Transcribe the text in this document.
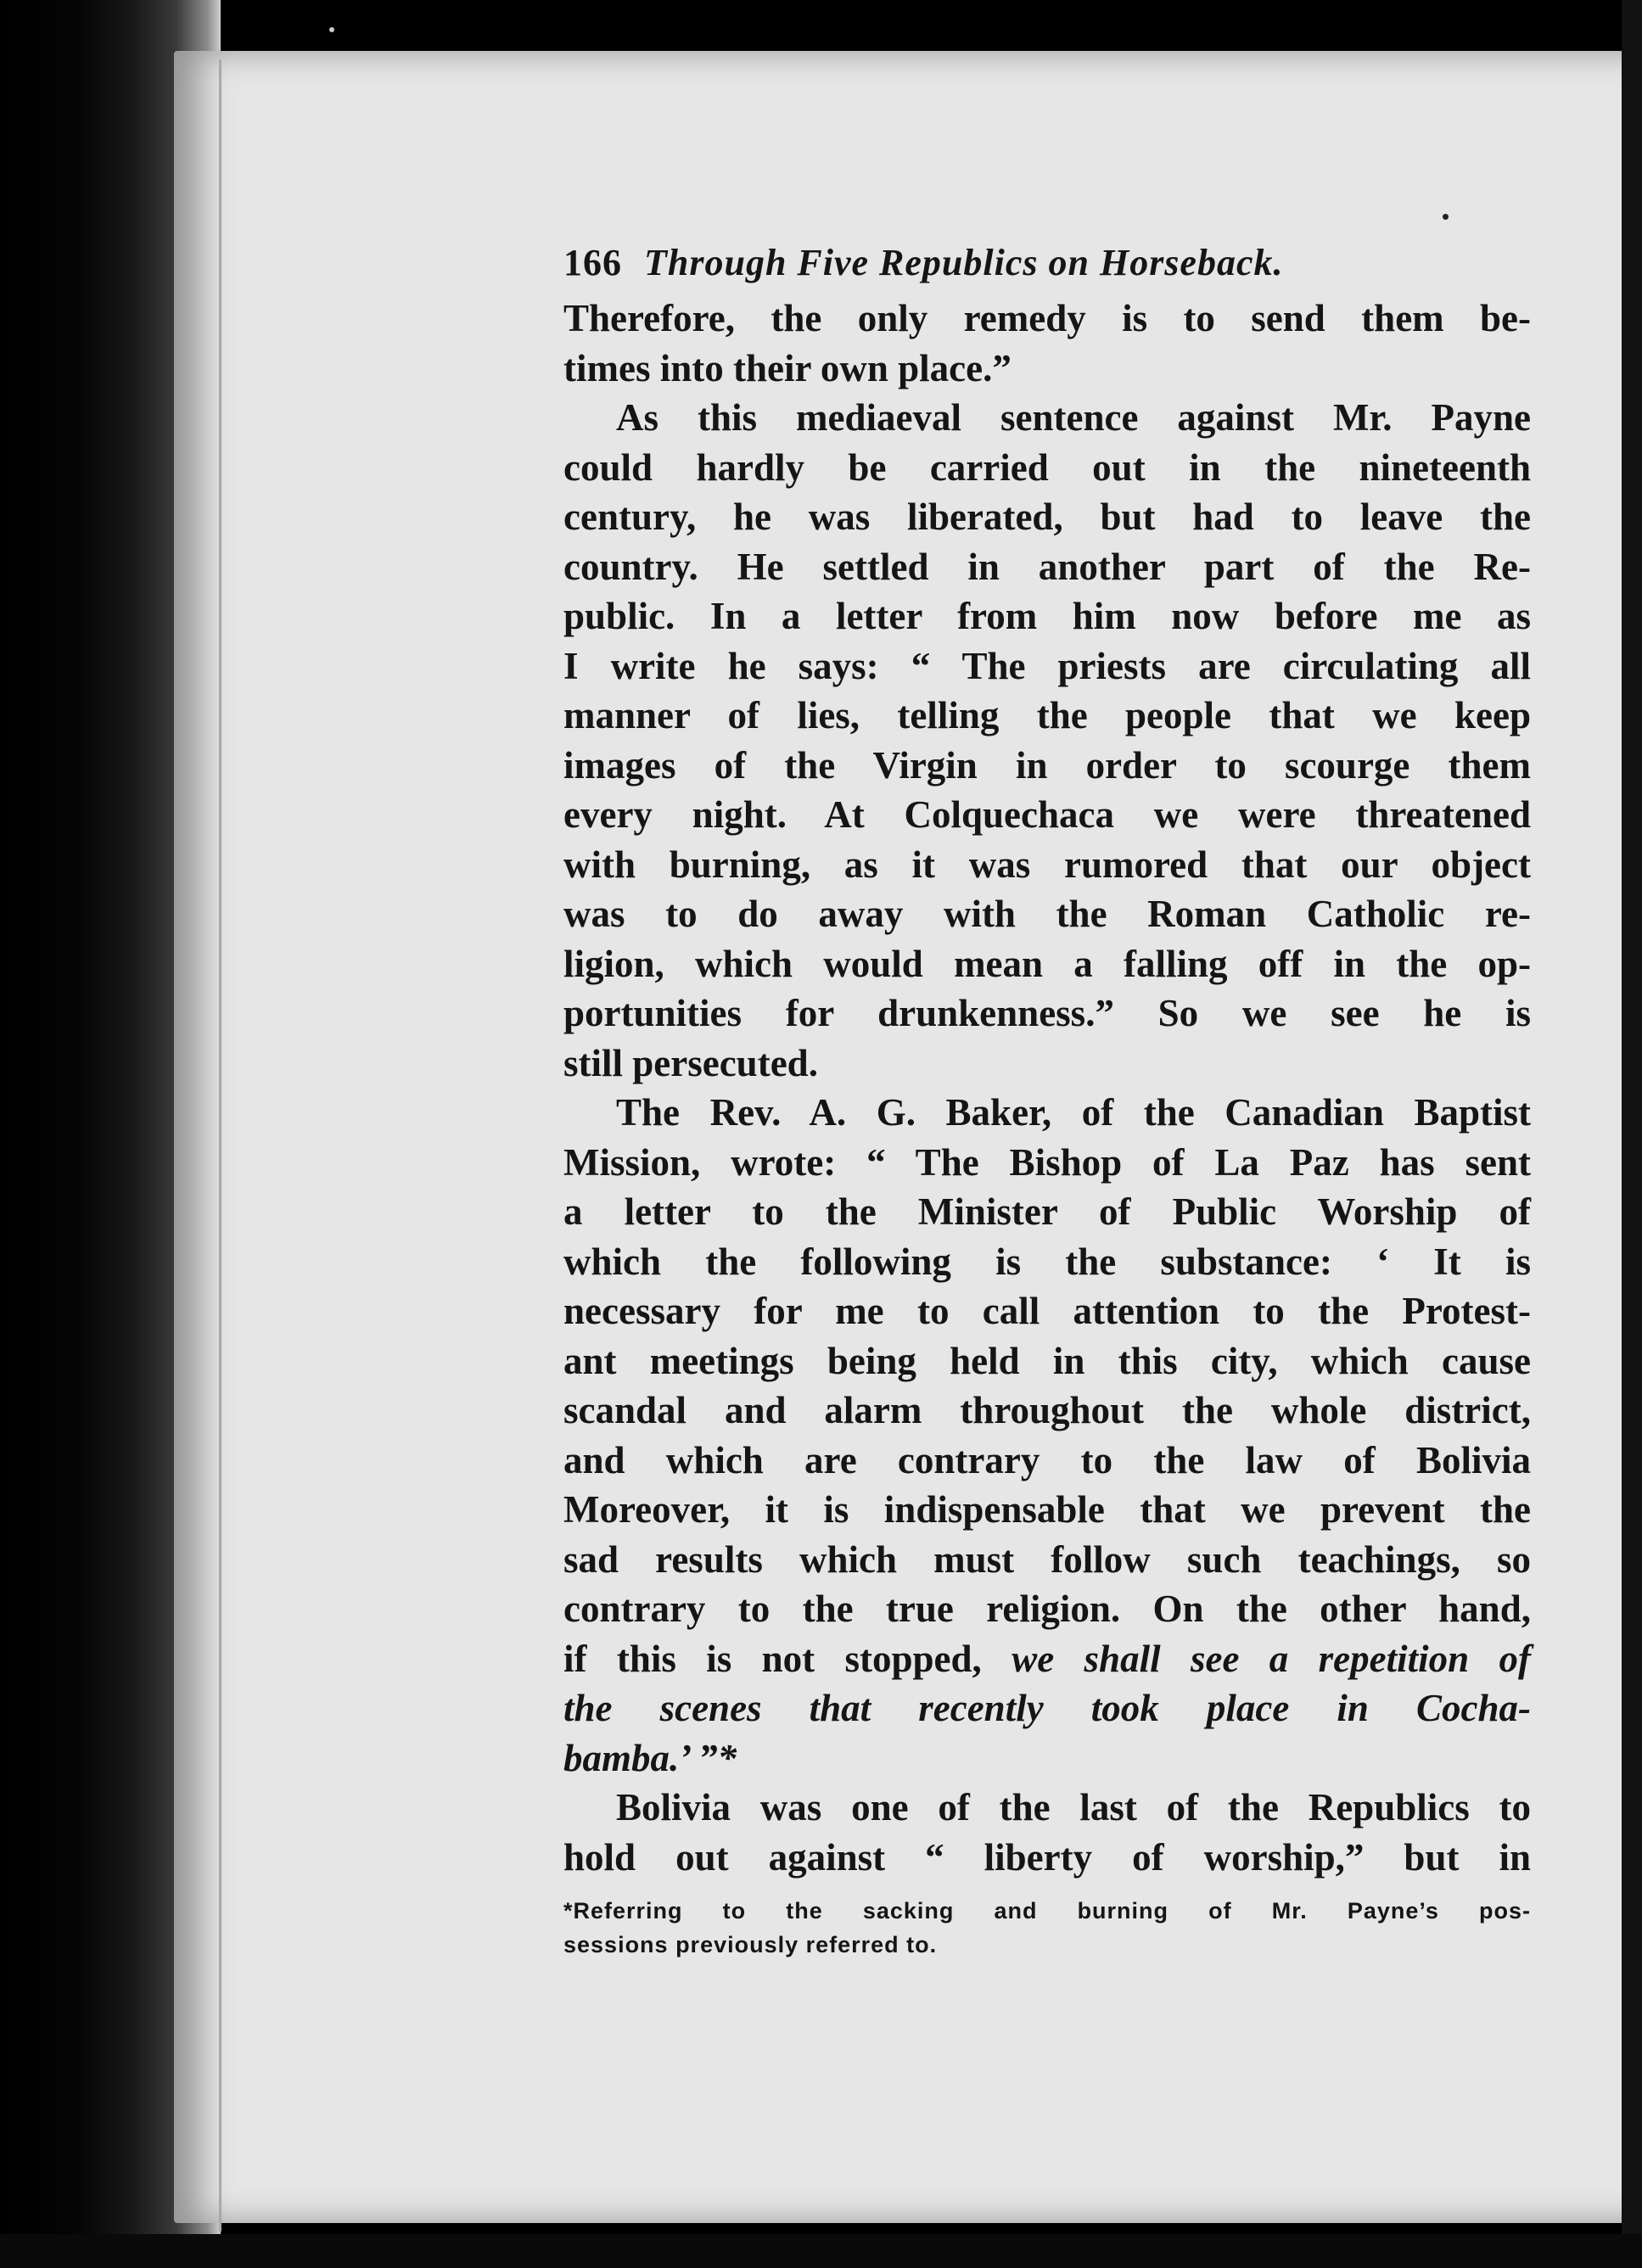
166 Through Five Republics on Horseback.
Therefore, the only remedy is to send them be-
times into their own place.”
As this mediaeval sentence against Mr. Payne
could hardly be carried out in the nineteenth
century, he was liberated, but had to leave the
country. He settled in another part of the Re-
public. In a letter from him now before me as
I write he says: “ The priests are circulating all
manner of lies, telling the people that we keep
images of the Virgin in order to scourge them
every night. At Colquechaca we were threatened
with burning, as it was rumored that our object
was to do away with the Roman Catholic re-
ligion, which would mean a falling off in the op-
portunities for drunkenness.” So we see he is
still persecuted.
The Rev. A. G. Baker, of the Canadian Baptist
Mission, wrote: “ The Bishop of La Paz has sent
a letter to the Minister of Public Worship of
which the following is the substance: ‘ It is
necessary for me to call attention to the Protest-
ant meetings being held in this city, which cause
scandal and alarm throughout the whole district,
and which are contrary to the law of Bolivia
Moreover, it is indispensable that we prevent the
sad results which must follow such teachings, so
contrary to the true religion. On the other hand,
if this is not stopped, we shall see a repetition of
the scenes that recently took place in Cocha-
bamba.’ ”*
Bolivia was one of the last of the Republics to
hold out against “ liberty of worship,” but in
*Referring to the sacking and burning of Mr. Payne’s pos-
sessions previously referred to.
